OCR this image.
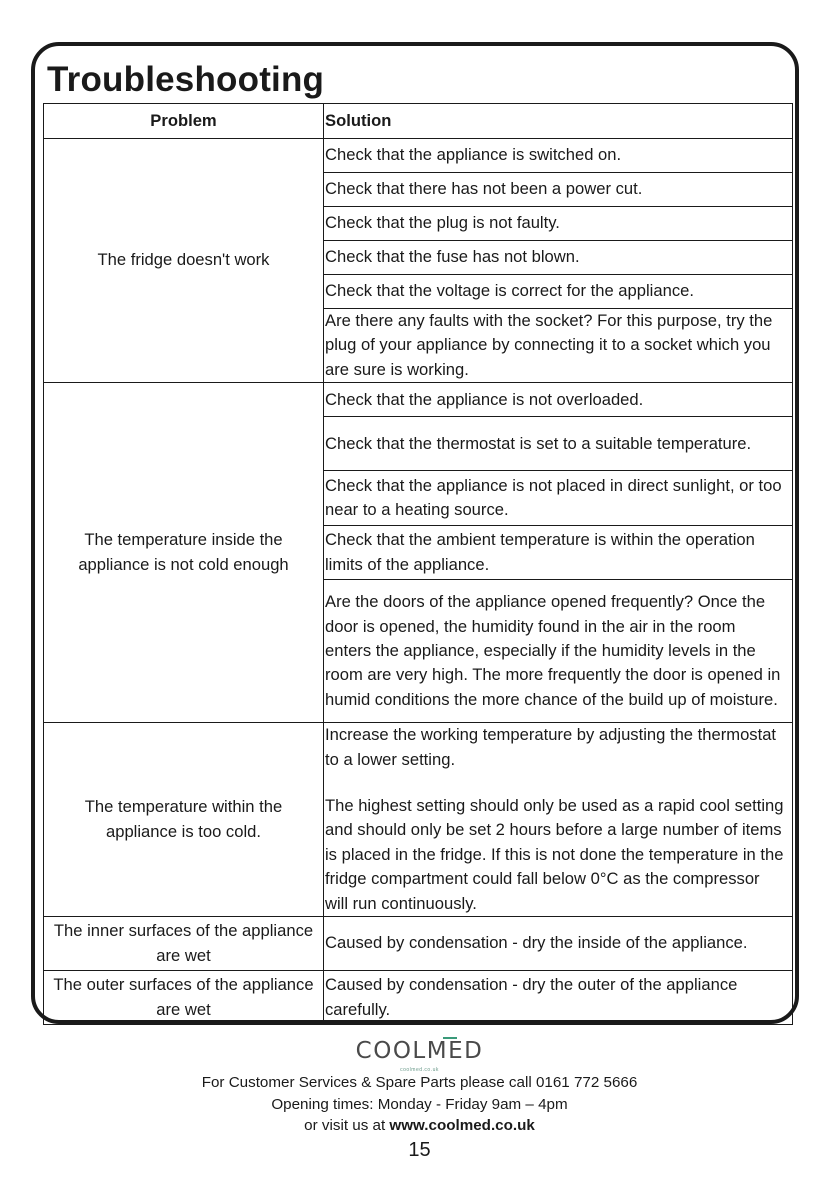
Troubleshooting
Problem	Solution
The fridge doesn't work	Check that the appliance is switched on.
	Check that there has not been a power cut.
	Check that the plug is not faulty.
	Check that the fuse has not blown.
	Check that the voltage is correct for the appliance.
	Are there any faults with the socket? For this purpose, try the plug of your appliance by connecting it to a socket which you are sure is working.
The temperature inside the appliance is not cold enough	Check that the appliance is not overloaded.
	Check that the thermostat is set to a suitable temperature.
	Check that the appliance is not placed in direct sunlight, or too near to a heating source.
	Check that the ambient temperature is within the operation limits of the appliance.
	Are the doors of the appliance opened frequently? Once the door is opened, the humidity found in the air in the room enters the appliance, especially if the humidity levels in the room are very high. The more frequently the door is opened in humid conditions the more chance of the build up of moisture.
The temperature within the appliance is too cold.	Increase the working temperature by adjusting the thermostat to a lower setting.
The highest setting should only be used as a rapid cool setting and should only be set 2 hours before a large number of items is placed in the fridge. If this is not done the temperature in the fridge compartment could fall below 0°C as the compressor will run continuously.
The inner surfaces of the appliance are wet	Caused by condensation - dry the inside of the appliance.
The outer surfaces of the appliance are wet	Caused by condensation - dry the outer of the appliance carefully.
COOLMED
coolmed.co.uk
For Customer Services & Spare Parts please call 0161 772 5666
Opening times: Monday - Friday 9am – 4pm
or visit us at www.coolmed.co.uk
15
